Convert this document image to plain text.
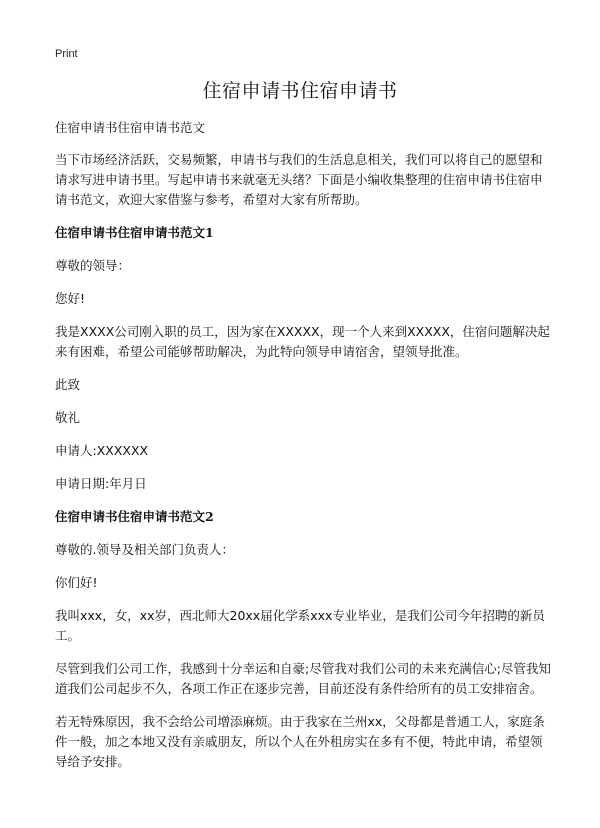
Print
住宿申请书住宿申请书

住宿申请书住宿申请书范文

当下市场经济活跃，交易频繁，申请书与我们的生活息息相关，我们可以将自己的愿望和请求写进申请书里。写起申请书来就毫无头绪？下面是小编收集整理的住宿申请书住宿申请书范文，欢迎大家借鉴与参考，希望对大家有所帮助。

住宿申请书住宿申请书范文1

尊敬的领导：

您好!

我是XXXX公司刚入职的员工，因为家在XXXXX，现一个人来到XXXXX，住宿问题解决起来有困难，希望公司能够帮助解决，为此特向领导申请宿舍，望领导批准。

此致

敬礼

申请人:XXXXXX

申请日期:年月日

住宿申请书住宿申请书范文2

尊敬的.领导及相关部门负责人：

你们好!

我叫xxx，女，xx岁，西北师大20xx届化学系xxx专业毕业，是我们公司今年招聘的新员工。

尽管到我们公司工作，我感到十分幸运和自豪;尽管我对我们公司的未来充满信心;尽管我知道我们公司起步不久，各项工作正在逐步完善，目前还没有条件给所有的员工安排宿舍。

若无特殊原因，我不会给公司增添麻烦。由于我家在兰州xx，父母都是普通工人，家庭条件一般，加之本地又没有亲戚朋友，所以个人在外租房实在多有不便，特此申请，希望领导给予安排。
